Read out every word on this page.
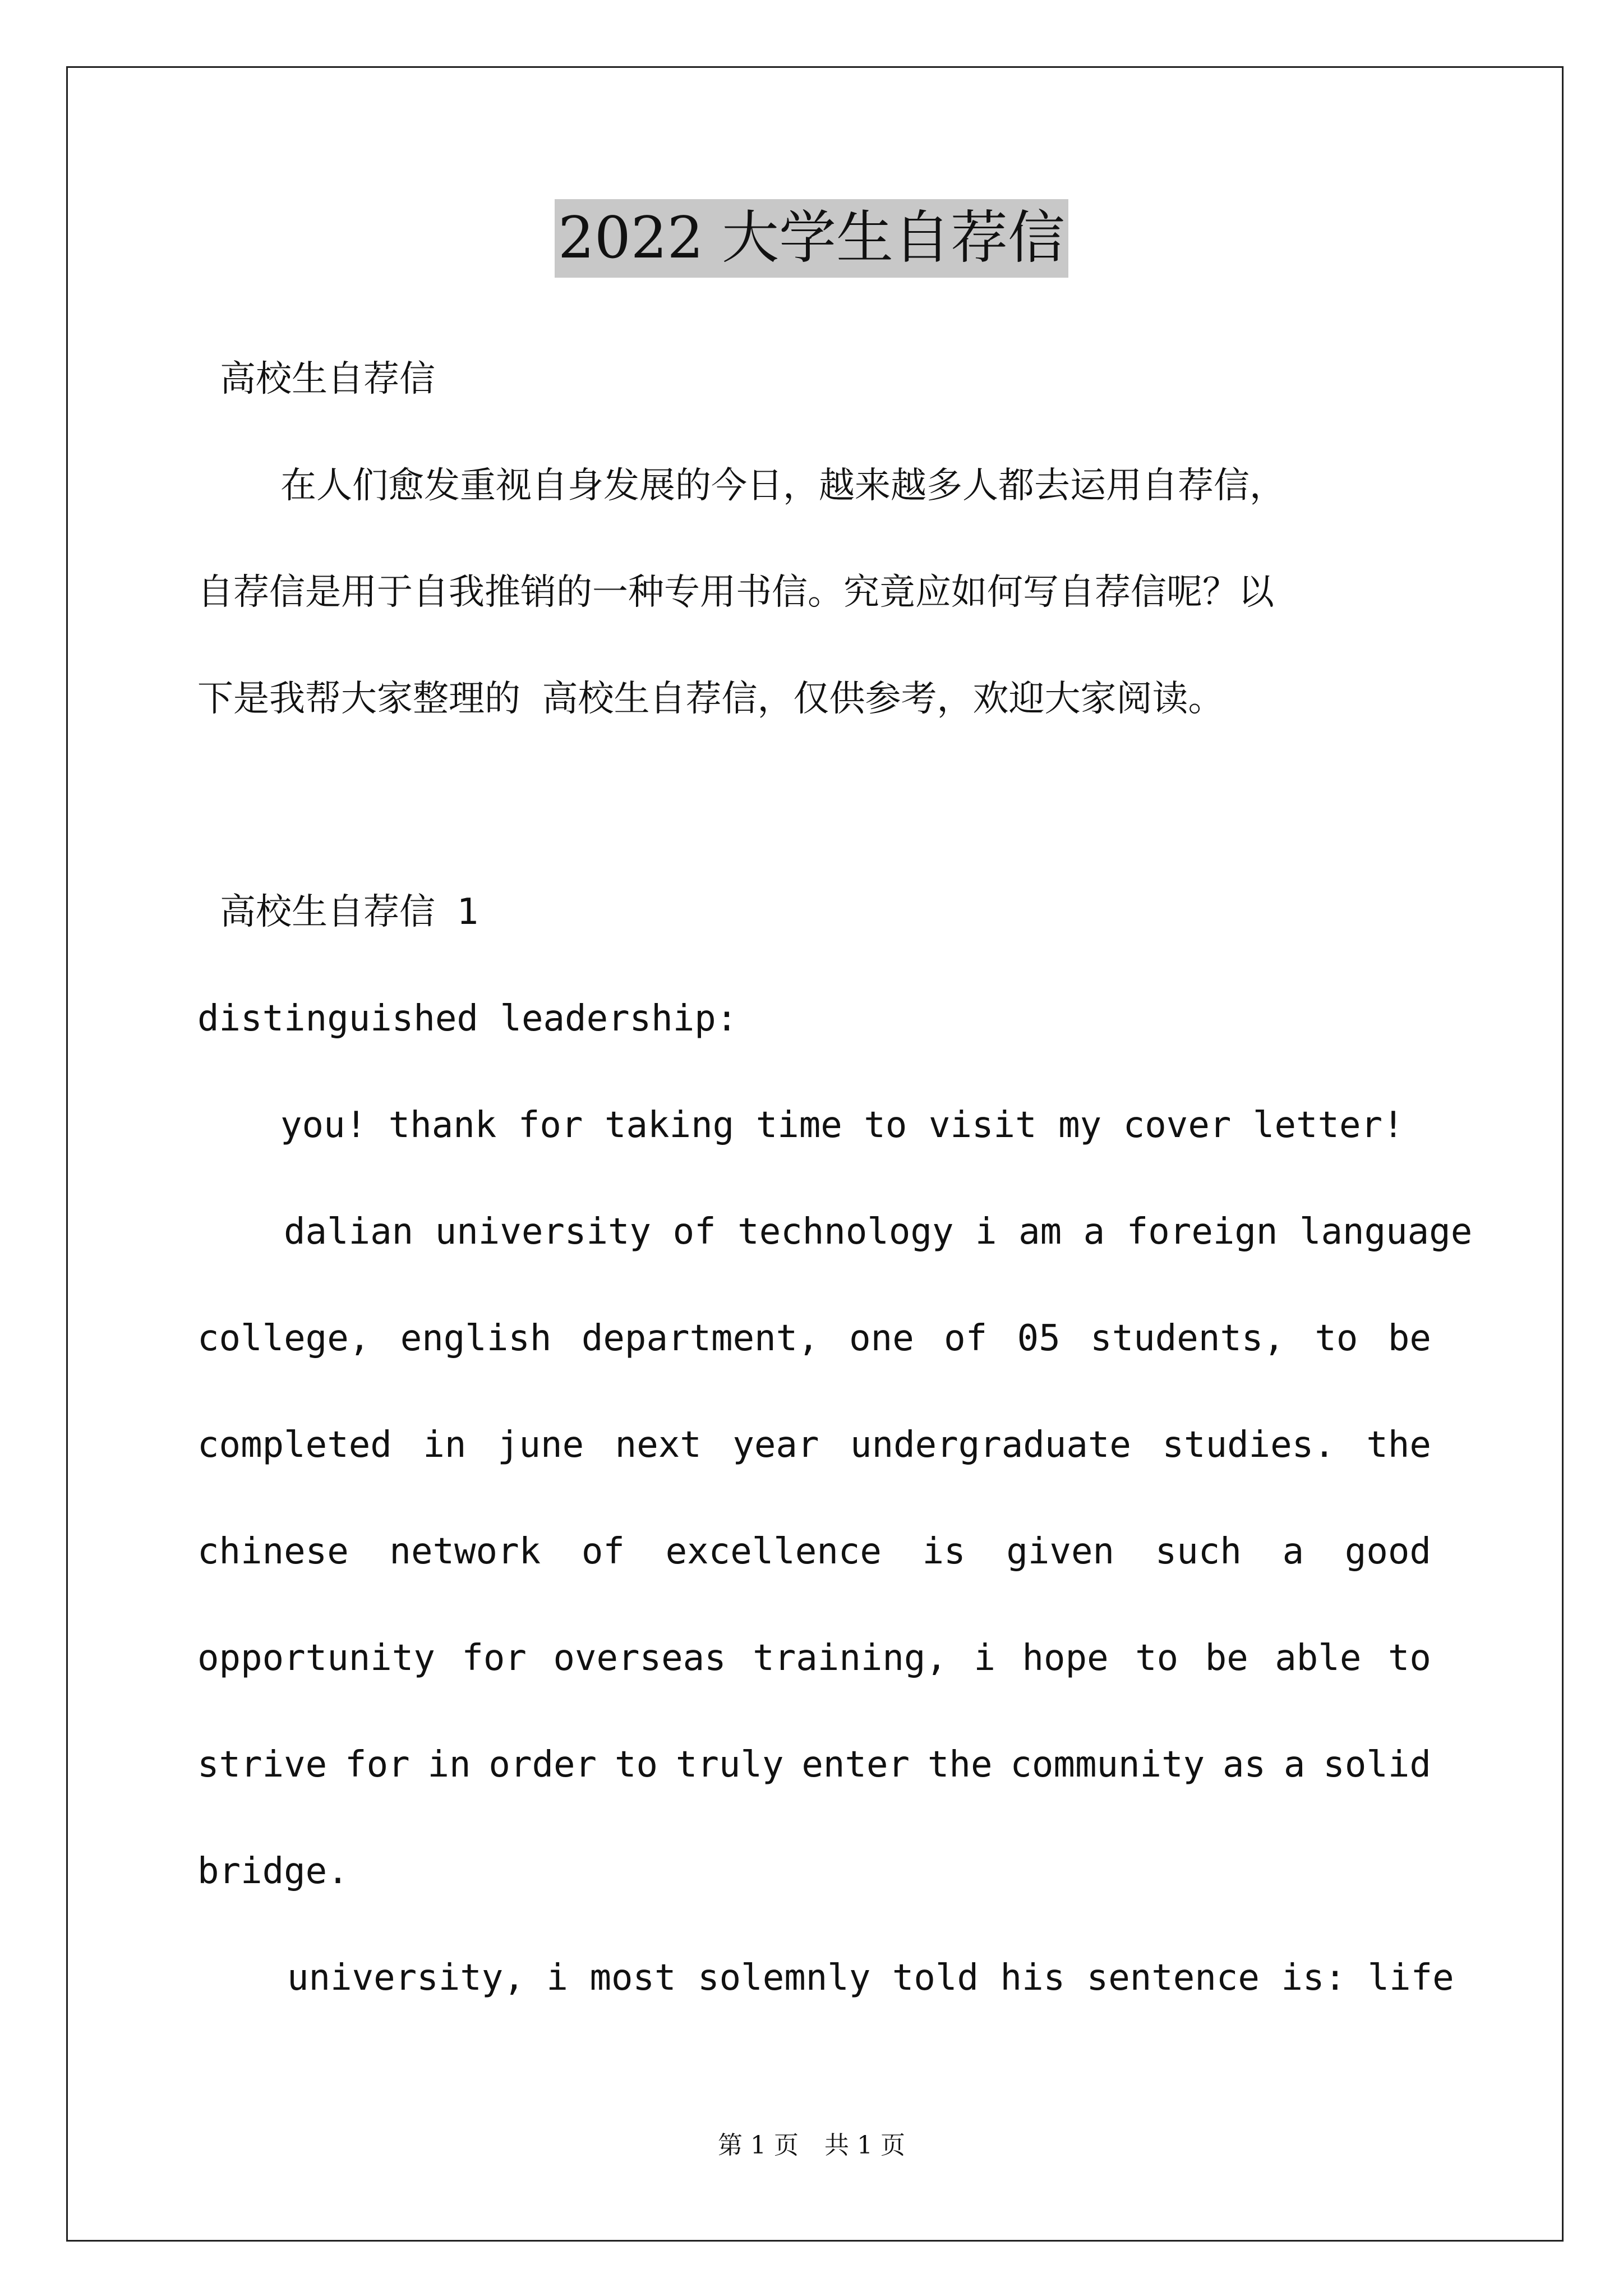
2022 大学生自荐信
高校生自荐信
在人们愈发重视自身发展的今日，越来越多人都去运用自荐信，
自荐信是用于自我推销的一种专用书信。究竟应如何写自荐信呢？以
下是我帮大家整理的 高校生自荐信，仅供参考，欢迎大家阅读。
高校生自荐信 1
distinguished leadership:
you! thank for taking time to visit my cover letter!
dalian university of technology i am a foreign language
college, english department, one of 05 students, to be
completed in june next year undergraduate studies. the
chinese network of excellence is given such a good
opportunity for overseas training, i hope to be able to
strive for in order to truly enter the community as a solid
bridge.
university, i most solemnly told his sentence is: life
第 1 页 共 1 页
